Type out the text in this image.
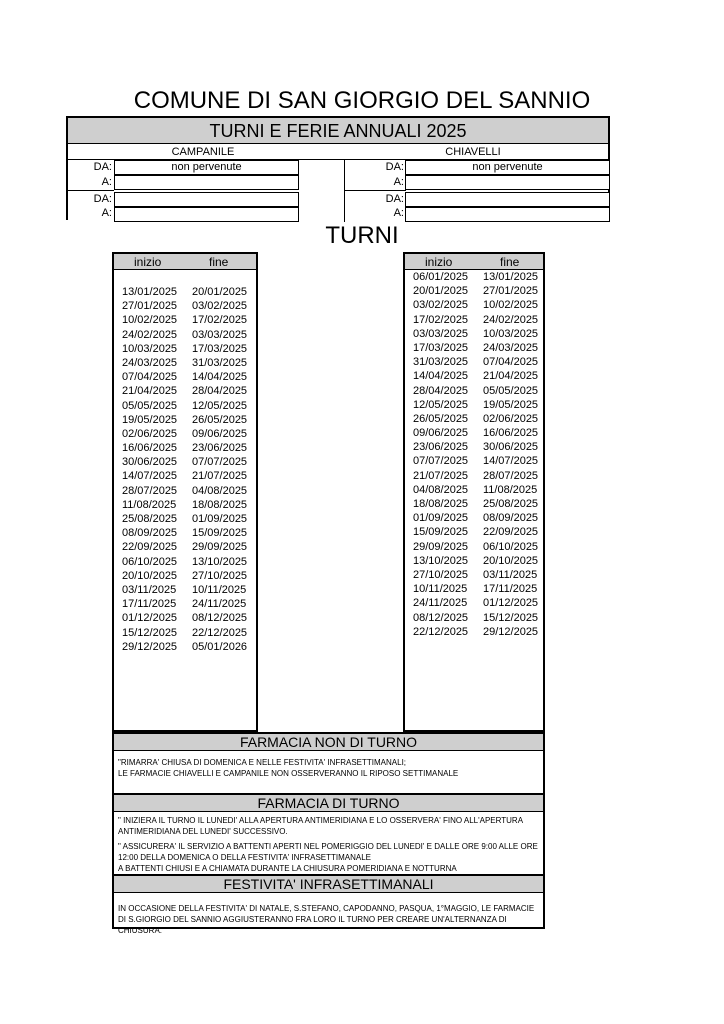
COMUNE DI SAN GIORGIO DEL SANNIO
TURNI E FERIE ANNUALI 2025
CAMPANILE	CHIAVELLI
DA:	non pervenute
A:
DA:
A:
DA:	non pervenute
A:
DA:
A:
TURNI
inizio	fine
13/01/2025 20/01/2025
27/01/2025 03/02/2025
10/02/2025 17/02/2025
24/02/2025 03/03/2025
10/03/2025 17/03/2025
24/03/2025 31/03/2025
07/04/2025 14/04/2025
21/04/2025 28/04/2025
05/05/2025 12/05/2025
19/05/2025 26/05/2025
02/06/2025 09/06/2025
16/06/2025 23/06/2025
30/06/2025 07/07/2025
14/07/2025 21/07/2025
28/07/2025 04/08/2025
11/08/2025 18/08/2025
25/08/2025 01/09/2025
08/09/2025 15/09/2025
22/09/2025 29/09/2025
06/10/2025 13/10/2025
20/10/2025 27/10/2025
03/11/2025 10/11/2025
17/11/2025 24/11/2025
01/12/2025 08/12/2025
15/12/2025 22/12/2025
29/12/2025 05/01/2026
inizio	fine
06/01/2025 13/01/2025
20/01/2025 27/01/2025
03/02/2025 10/02/2025
17/02/2025 24/02/2025
03/03/2025 10/03/2025
17/03/2025 24/03/2025
31/03/2025 07/04/2025
14/04/2025 21/04/2025
28/04/2025 05/05/2025
12/05/2025 19/05/2025
26/05/2025 02/06/2025
09/06/2025 16/06/2025
23/06/2025 30/06/2025
07/07/2025 14/07/2025
21/07/2025 28/07/2025
04/08/2025 11/08/2025
18/08/2025 25/08/2025
01/09/2025 08/09/2025
15/09/2025 22/09/2025
29/09/2025 06/10/2025
13/10/2025 20/10/2025
27/10/2025 03/11/2025
10/11/2025 17/11/2025
24/11/2025 01/12/2025
08/12/2025 15/12/2025
22/12/2025 29/12/2025
FARMACIA NON DI TURNO
"RIMARRA' CHIUSA DI DOMENICA E NELLE FESTIVITA' INFRASETTIMANALI;
LE FARMACIE CHIAVELLI E CAMPANILE NON OSSERVERANNO IL RIPOSO SETTIMANALE
FARMACIA DI TURNO
" INIZIERA IL TURNO IL LUNEDI' ALLA APERTURA ANTIMERIDIANA E LO OSSERVERA' FINO ALL'APERTURA ANTIMERIDIANA DEL LUNEDI' SUCCESSIVO.
" ASSICURERA' IL SERVIZIO A BATTENTI APERTI NEL POMERIGGIO DEL LUNEDI' E DALLE ORE 9:00 ALLE ORE 12:00 DELLA DOMENICA O DELLA FESTIVITA' INFRASETTIMANALE
A BATTENTI CHIUSI E A CHIAMATA DURANTE LA CHIUSURA POMERIDIANA E NOTTURNA
FESTIVITA' INFRASETTIMANALI
IN OCCASIONE DELLA FESTIVITA' DI NATALE, S.STEFANO, CAPODANNO, PASQUA, 1°MAGGIO, LE FARMACIE DI S.GIORGIO DEL SANNIO AGGIUSTERANNO FRA LORO IL TURNO PER CREARE UN'ALTERNANZA DI CHIUSURA.
